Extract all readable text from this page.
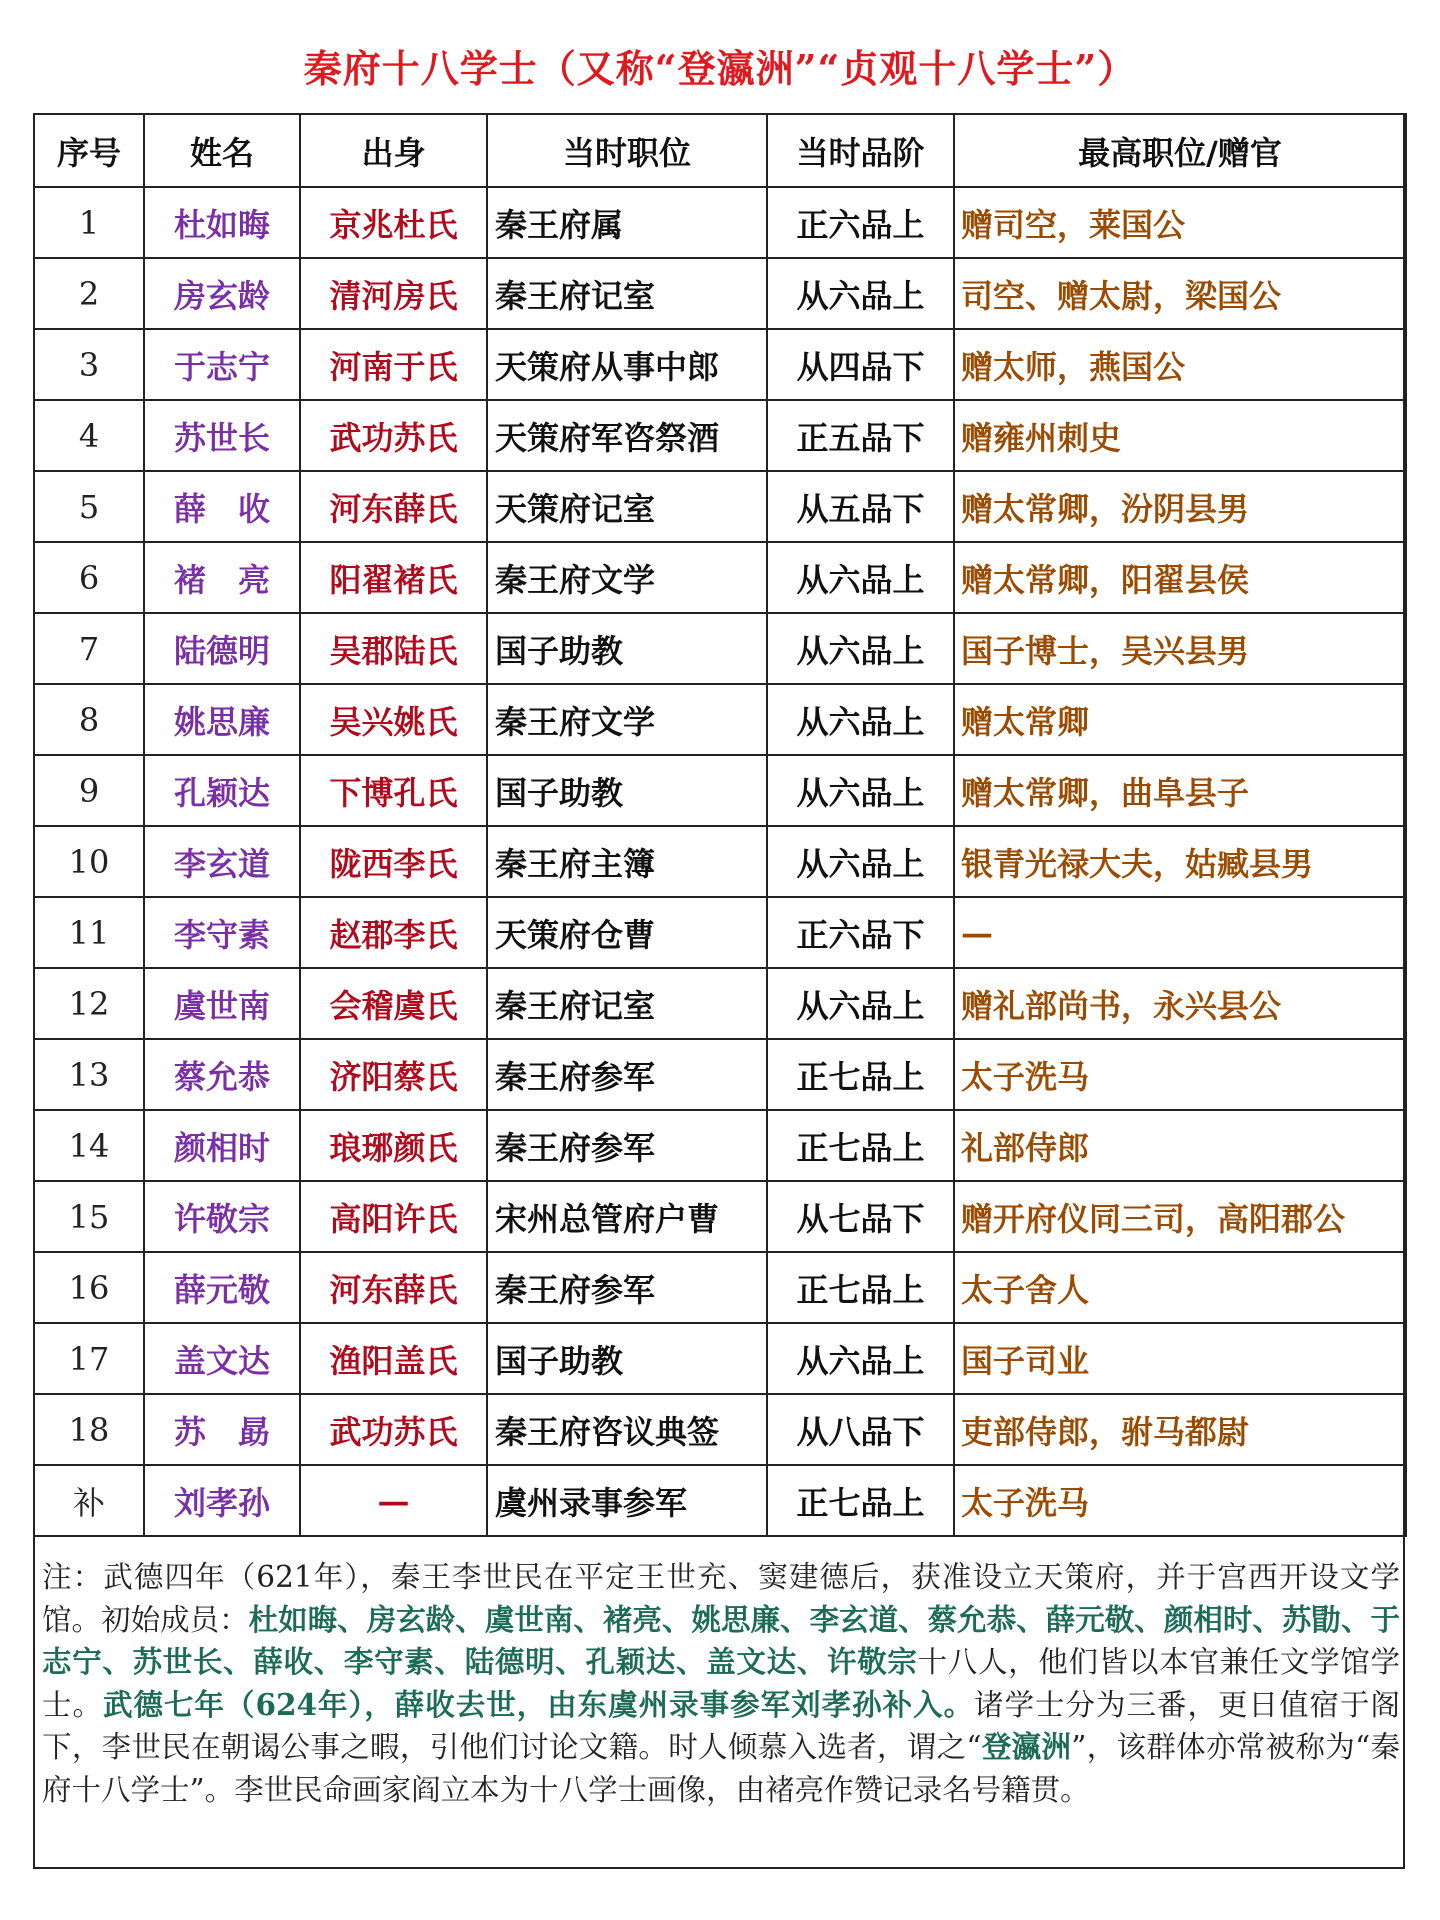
秦府十八学士（又称“登瀛洲”“贞观十八学士”）
序号	姓名	出身	当时职位	当时品阶	最高职位/赠官
1	杜如晦	京兆杜氏	秦王府属	正六品上	赠司空，莱国公
2	房玄龄	清河房氏	秦王府记室	从六品上	司空、赠太尉，梁国公
3	于志宁	河南于氏	天策府从事中郎	从四品下	赠太师，燕国公
4	苏世长	武功苏氏	天策府军咨祭酒	正五品下	赠雍州刺史
5	薛　收	河东薛氏	天策府记室	从五品下	赠太常卿，汾阴县男
6	褚　亮	阳翟褚氏	秦王府文学	从六品上	赠太常卿，阳翟县侯
7	陆德明	吴郡陆氏	国子助教	从六品上	国子博士，吴兴县男
8	姚思廉	吴兴姚氏	秦王府文学	从六品上	赠太常卿
9	孔颖达	下博孔氏	国子助教	从六品上	赠太常卿，曲阜县子
10	李玄道	陇西李氏	秦王府主簿	从六品上	银青光禄大夫，姑臧县男
11	李守素	赵郡李氏	天策府仓曹	正六品下	—
12	虞世南	会稽虞氏	秦王府记室	从六品上	赠礼部尚书，永兴县公
13	蔡允恭	济阳蔡氏	秦王府参军	正七品上	太子洗马
14	颜相时	琅琊颜氏	秦王府参军	正七品上	礼部侍郎
15	许敬宗	高阳许氏	宋州总管府户曹	从七品下	赠开府仪同三司，高阳郡公
16	薛元敬	河东薛氏	秦王府参军	正七品上	太子舍人
17	盖文达	渔阳盖氏	国子助教	从六品上	国子司业
18	苏　勗	武功苏氏	秦王府咨议典签	从八品下	吏部侍郎，驸马都尉
补	刘孝孙	—	虞州录事参军	正七品上	太子洗马
注：武德四年（621年），秦王李世民在平定王世充、窦建德后，获准设立天策府，并于宫西开设文学馆。初始成员：杜如晦、房玄龄、虞世南、褚亮、姚思廉、李玄道、蔡允恭、薛元敬、颜相时、苏勖、于志宁、苏世长、薛收、李守素、陆德明、孔颖达、盖文达、许敬宗十八人，他们皆以本官兼任文学馆学士。武德七年（624年），薛收去世，由东虞州录事参军刘孝孙补入。诸学士分为三番，更日值宿于阁下，李世民在朝谒公事之暇，引他们讨论文籍。时人倾慕入选者，谓之“登瀛洲”，该群体亦常被称为“秦府十八学士”。李世民命画家阎立本为十八学士画像，由褚亮作赞记录名号籍贯。
